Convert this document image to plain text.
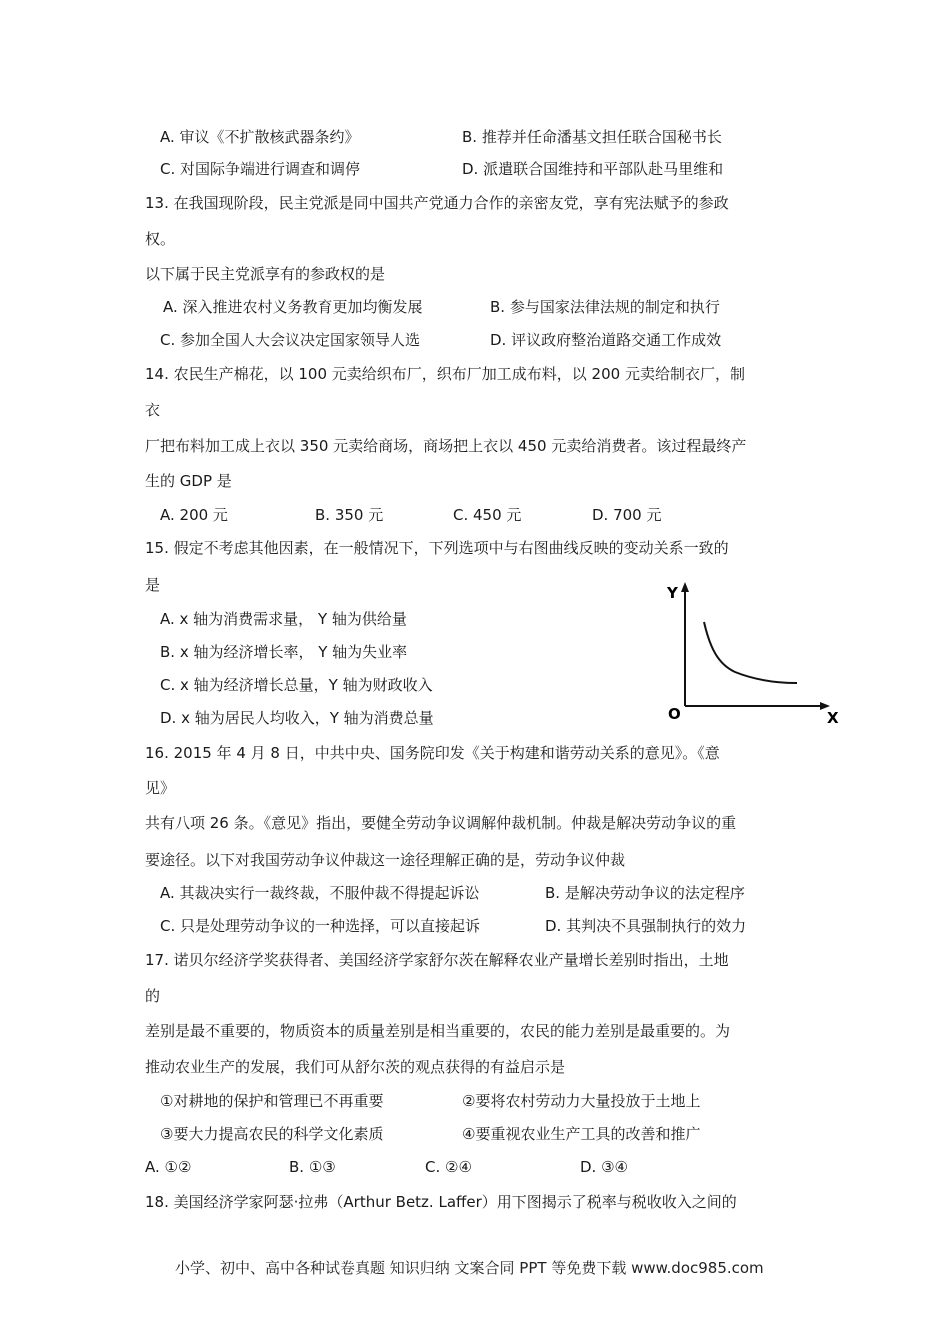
A. 审议《不扩散核武器条约》	B. 推荐并任命潘基文担任联合国秘书长
C. 对国际争端进行调查和调停	D. 派遣联合国维持和平部队赴马里维和
13. 在我国现阶段，民主党派是同中国共产党通力合作的亲密友党，享有宪法赋予的参政
权。
以下属于民主党派享有的参政权的是
A. 深入推进农村义务教育更加均衡发展	B. 参与国家法律法规的制定和执行
C. 参加全国人大会议决定国家领导人选	D. 评议政府整治道路交通工作成效
14. 农民生产棉花，以 100 元卖给织布厂，织布厂加工成布料，以 200 元卖给制衣厂，制
衣
厂把布料加工成上衣以 350 元卖给商场，商场把上衣以 450 元卖给消费者。该过程最终产
生的 GDP 是
A. 200 元	B. 350 元	C. 450 元	D. 700 元
15. 假定不考虑其他因素，在一般情况下，下列选项中与右图曲线反映的变动关系一致的
是
A. x 轴为消费需求量， Y 轴为供给量
B. x 轴为经济增长率， Y 轴为失业率
C. x 轴为经济增长总量，Y 轴为财政收入
D. x 轴为居民人均收入，Y 轴为消费总量
Y
X
O
16. 2015 年 4 月 8 日，中共中央、国务院印发《关于构建和谐劳动关系的意见》。《意
见》
共有八项 26 条。《意见》指出，要健全劳动争议调解仲裁机制。仲裁是解决劳动争议的重
要途径。以下对我国劳动争议仲裁这一途径理解正确的是，劳动争议仲裁
A. 其裁决实行一裁终裁，不服仲裁不得提起诉讼	B. 是解决劳动争议的法定程序
C. 只是处理劳动争议的一种选择，可以直接起诉	D. 其判决不具强制执行的效力
17. 诺贝尔经济学奖获得者、美国经济学家舒尔茨在解释农业产量增长差别时指出，土地
的
差别是最不重要的，物质资本的质量差别是相当重要的，农民的能力差别是最重要的。为
推动农业生产的发展，我们可从舒尔茨的观点获得的有益启示是
①对耕地的保护和管理已不再重要	②要将农村劳动力大量投放于土地上
③要大力提高农民的科学文化素质	④要重视农业生产工具的改善和推广
A. ①②	B. ①③	C. ②④	D. ③④
18. 美国经济学家阿瑟·拉弗（Arthur Betz. Laffer）用下图揭示了税率与税收收入之间的
小学、初中、高中各种试卷真题 知识归纳 文案合同 PPT 等免费下载 www.doc985.com
